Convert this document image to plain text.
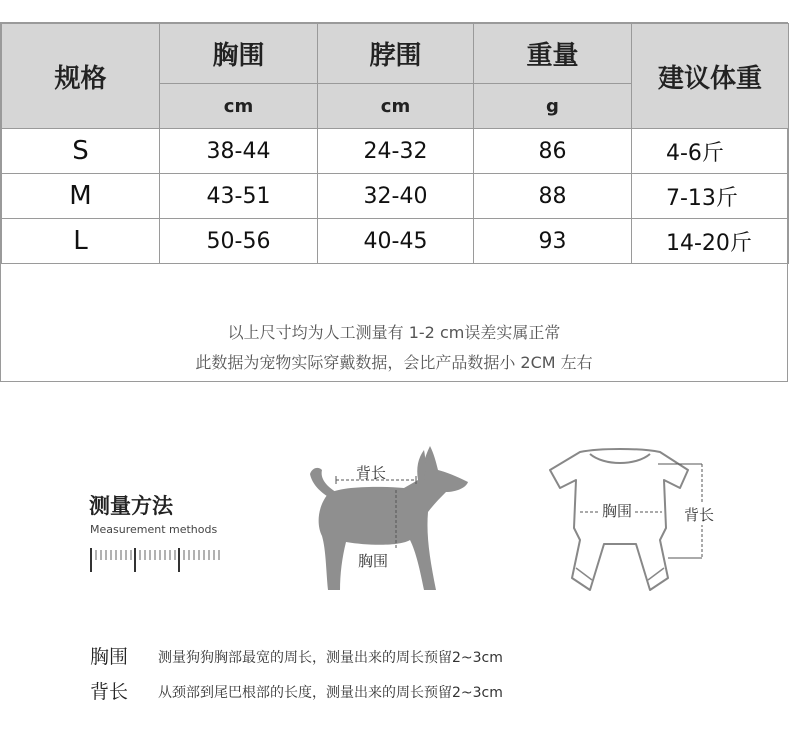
规格	胸围	脖围	重量	建议体重
	cm	cm	g	
S	38-44	24-32	86	4-6斤
M	43-51	32-40	88	7-13斤
L	50-56	40-45	93	14-20斤
以上尺寸均为人工测量有 1-2 cm误差实属正常
此数据为宠物实际穿戴数据，会比产品数据小 2CM 左右
测量方法
Measurement methods
背长
胸围
胸围	背长
胸围 测量狗狗胸部最宽的周长，测量出来的周长预留2~3cm
背长 从颈部到尾巴根部的长度，测量出来的周长预留2~3cm
